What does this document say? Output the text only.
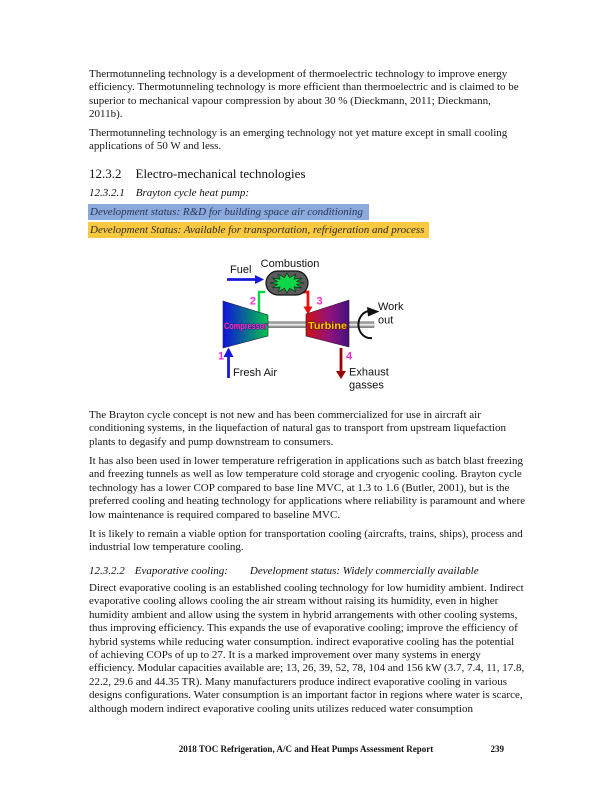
Thermotunneling technology is a development of thermoelectric technology to improve energy efficiency. Thermotunneling technology is more efficient than thermoelectric and is claimed to be superior to mechanical vapour compression by about 30 % (Dieckmann, 2011; Dieckmann, 2011b).
Thermotunneling technology is an emerging technology not yet mature except in small cooling applications of 50 W and less.
12.3.2 Electro-mechanical technologies
12.3.2.1 Brayton cycle heat pump:
Development status: R&D for building space air conditioning
Development Status: Available for transportation, refrigeration and process
Compressor	Turbine
Fuel Combustion
Work
out
Fresh Air	Exhaust
gasses
2	3
1	4
The Brayton cycle concept is not new and has been commercialized for use in aircraft air conditioning systems, in the liquefaction of natural gas to transport from upstream liquefaction plants to degasify and pump downstream to consumers.
It has also been used in lower temperature refrigeration in applications such as batch blast freezing and freezing tunnels as well as low temperature cold storage and cryogenic cooling. Brayton cycle technology has a lower COP compared to base line MVC, at 1.3 to 1.6 (Butler, 2001), but is the preferred cooling and heating technology for applications where reliability is paramount and where low maintenance is required compared to baseline MVC.
It is likely to remain a viable option for transportation cooling (aircrafts, trains, ships), process and industrial low temperature cooling.
12.3.2.2 Evaporative cooling: Development status: Widely commercially available
Direct evaporative cooling is an established cooling technology for low humidity ambient. Indirect evaporative cooling allows cooling the air stream without raising its humidity, even in higher humidity ambient and allow using the system in hybrid arrangements with other cooling systems, thus improving efficiency. This expands the use of evaporative cooling; improve the efficiency of hybrid systems while reducing water consumption. indirect evaporative cooling has the potential of achieving COPs of up to 27. It is a marked improvement over many systems in energy efficiency. Modular capacities available are; 13, 26, 39, 52, 78, 104 and 156 kW (3.7, 7.4, 11, 17.8, 22.2, 29.6 and 44.35 TR). Many manufacturers produce indirect evaporative cooling in various designs configurations. Water consumption is an important factor in regions where water is scarce, although modern indirect evaporative cooling units utilizes reduced water consumption
2018 TOC Refrigeration, A/C and Heat Pumps Assessment Report	239
